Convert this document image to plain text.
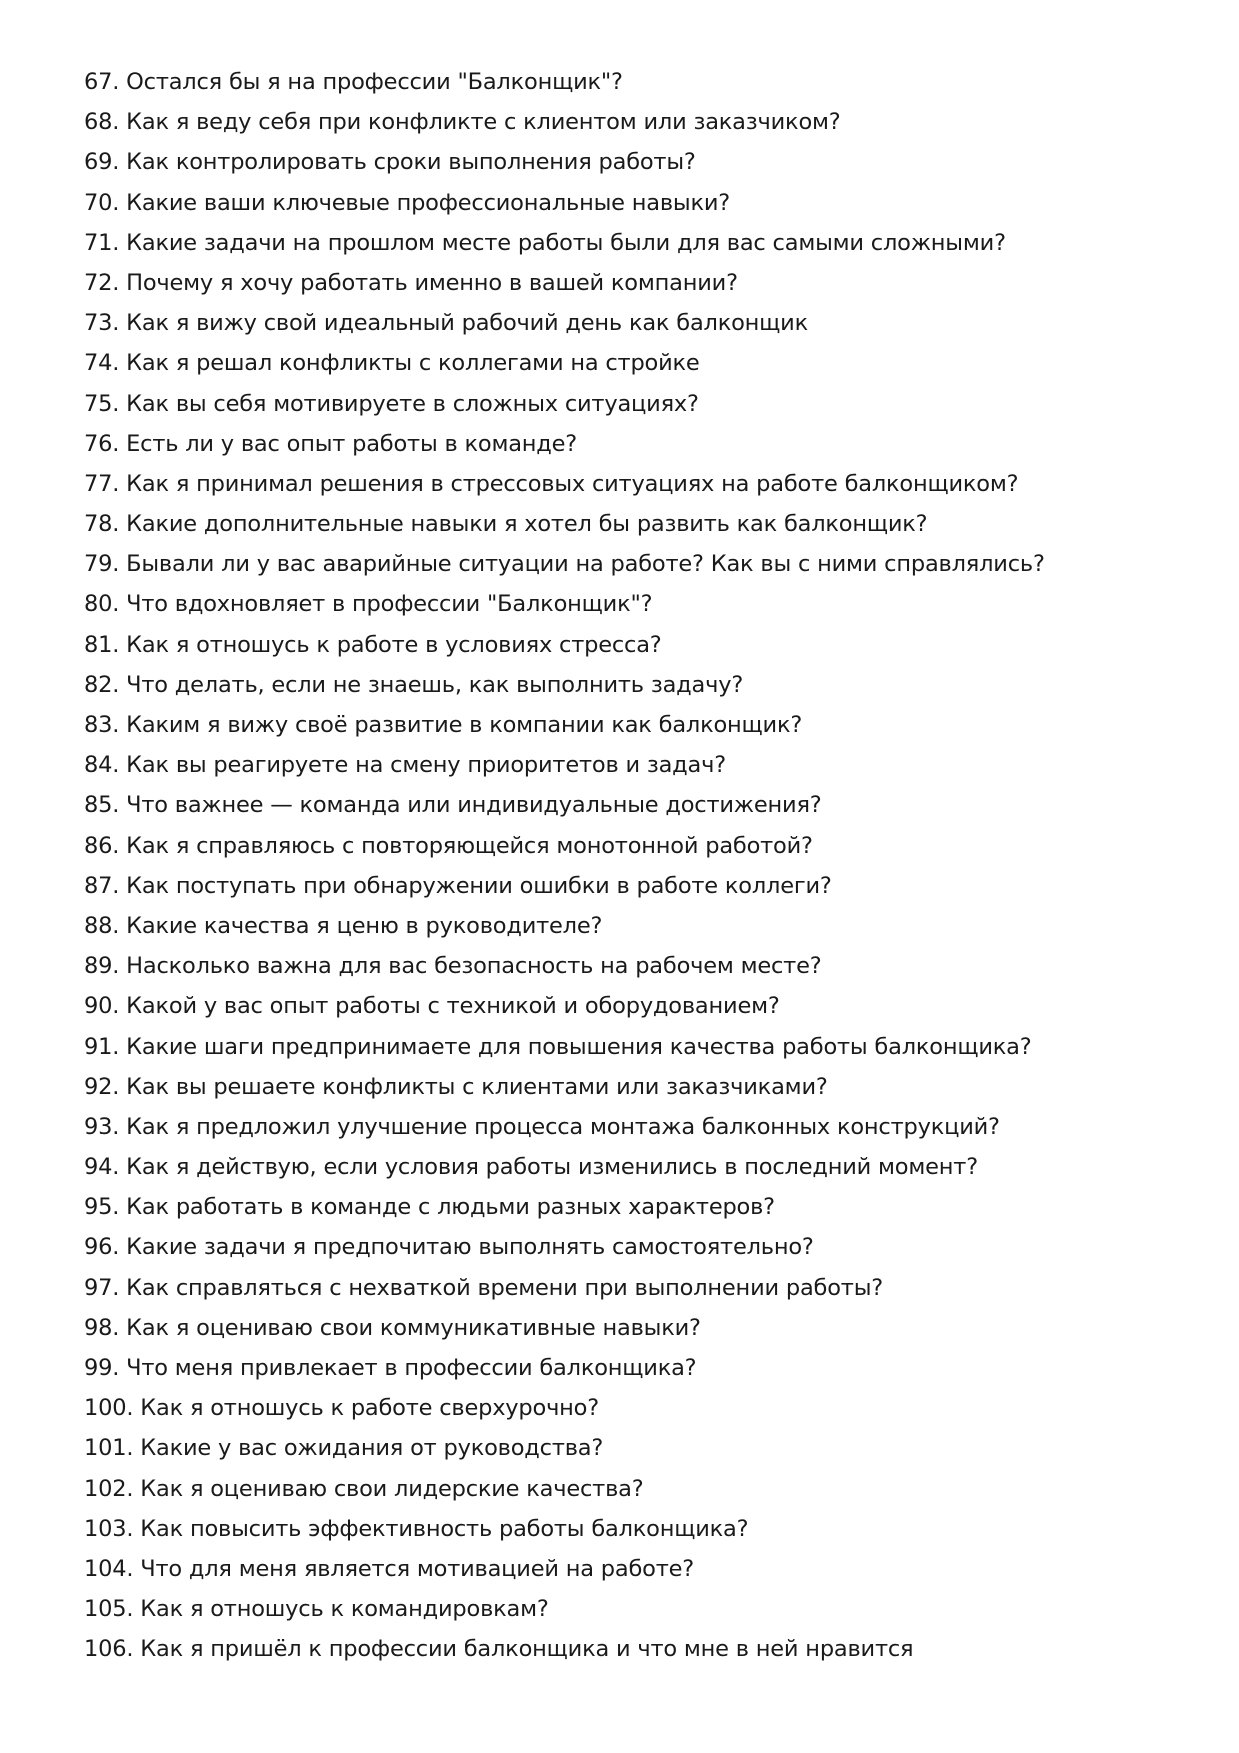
67. Остался бы я на профессии "Балконщик"?
68. Как я веду себя при конфликте с клиентом или заказчиком?
69. Как контролировать сроки выполнения работы?
70. Какие ваши ключевые профессиональные навыки?
71. Какие задачи на прошлом месте работы были для вас самыми сложными?
72. Почему я хочу работать именно в вашей компании?
73. Как я вижу свой идеальный рабочий день как балконщик
74. Как я решал конфликты с коллегами на стройке
75. Как вы себя мотивируете в сложных ситуациях?
76. Есть ли у вас опыт работы в команде?
77. Как я принимал решения в стрессовых ситуациях на работе балконщиком?
78. Какие дополнительные навыки я хотел бы развить как балконщик?
79. Бывали ли у вас аварийные ситуации на работе? Как вы с ними справлялись?
80. Что вдохновляет в профессии "Балконщик"?
81. Как я отношусь к работе в условиях стресса?
82. Что делать, если не знаешь, как выполнить задачу?
83. Каким я вижу своё развитие в компании как балконщик?
84. Как вы реагируете на смену приоритетов и задач?
85. Что важнее — команда или индивидуальные достижения?
86. Как я справляюсь с повторяющейся монотонной работой?
87. Как поступать при обнаружении ошибки в работе коллеги?
88. Какие качества я ценю в руководителе?
89. Насколько важна для вас безопасность на рабочем месте?
90. Какой у вас опыт работы с техникой и оборудованием?
91. Какие шаги предпринимаете для повышения качества работы балконщика?
92. Как вы решаете конфликты с клиентами или заказчиками?
93. Как я предложил улучшение процесса монтажа балконных конструкций?
94. Как я действую, если условия работы изменились в последний момент?
95. Как работать в команде с людьми разных характеров?
96. Какие задачи я предпочитаю выполнять самостоятельно?
97. Как справляться с нехваткой времени при выполнении работы?
98. Как я оцениваю свои коммуникативные навыки?
99. Что меня привлекает в профессии балконщика?
100. Как я отношусь к работе сверхурочно?
101. Какие у вас ожидания от руководства?
102. Как я оцениваю свои лидерские качества?
103. Как повысить эффективность работы балконщика?
104. Что для меня является мотивацией на работе?
105. Как я отношусь к командировкам?
106. Как я пришёл к профессии балконщика и что мне в ней нравится
